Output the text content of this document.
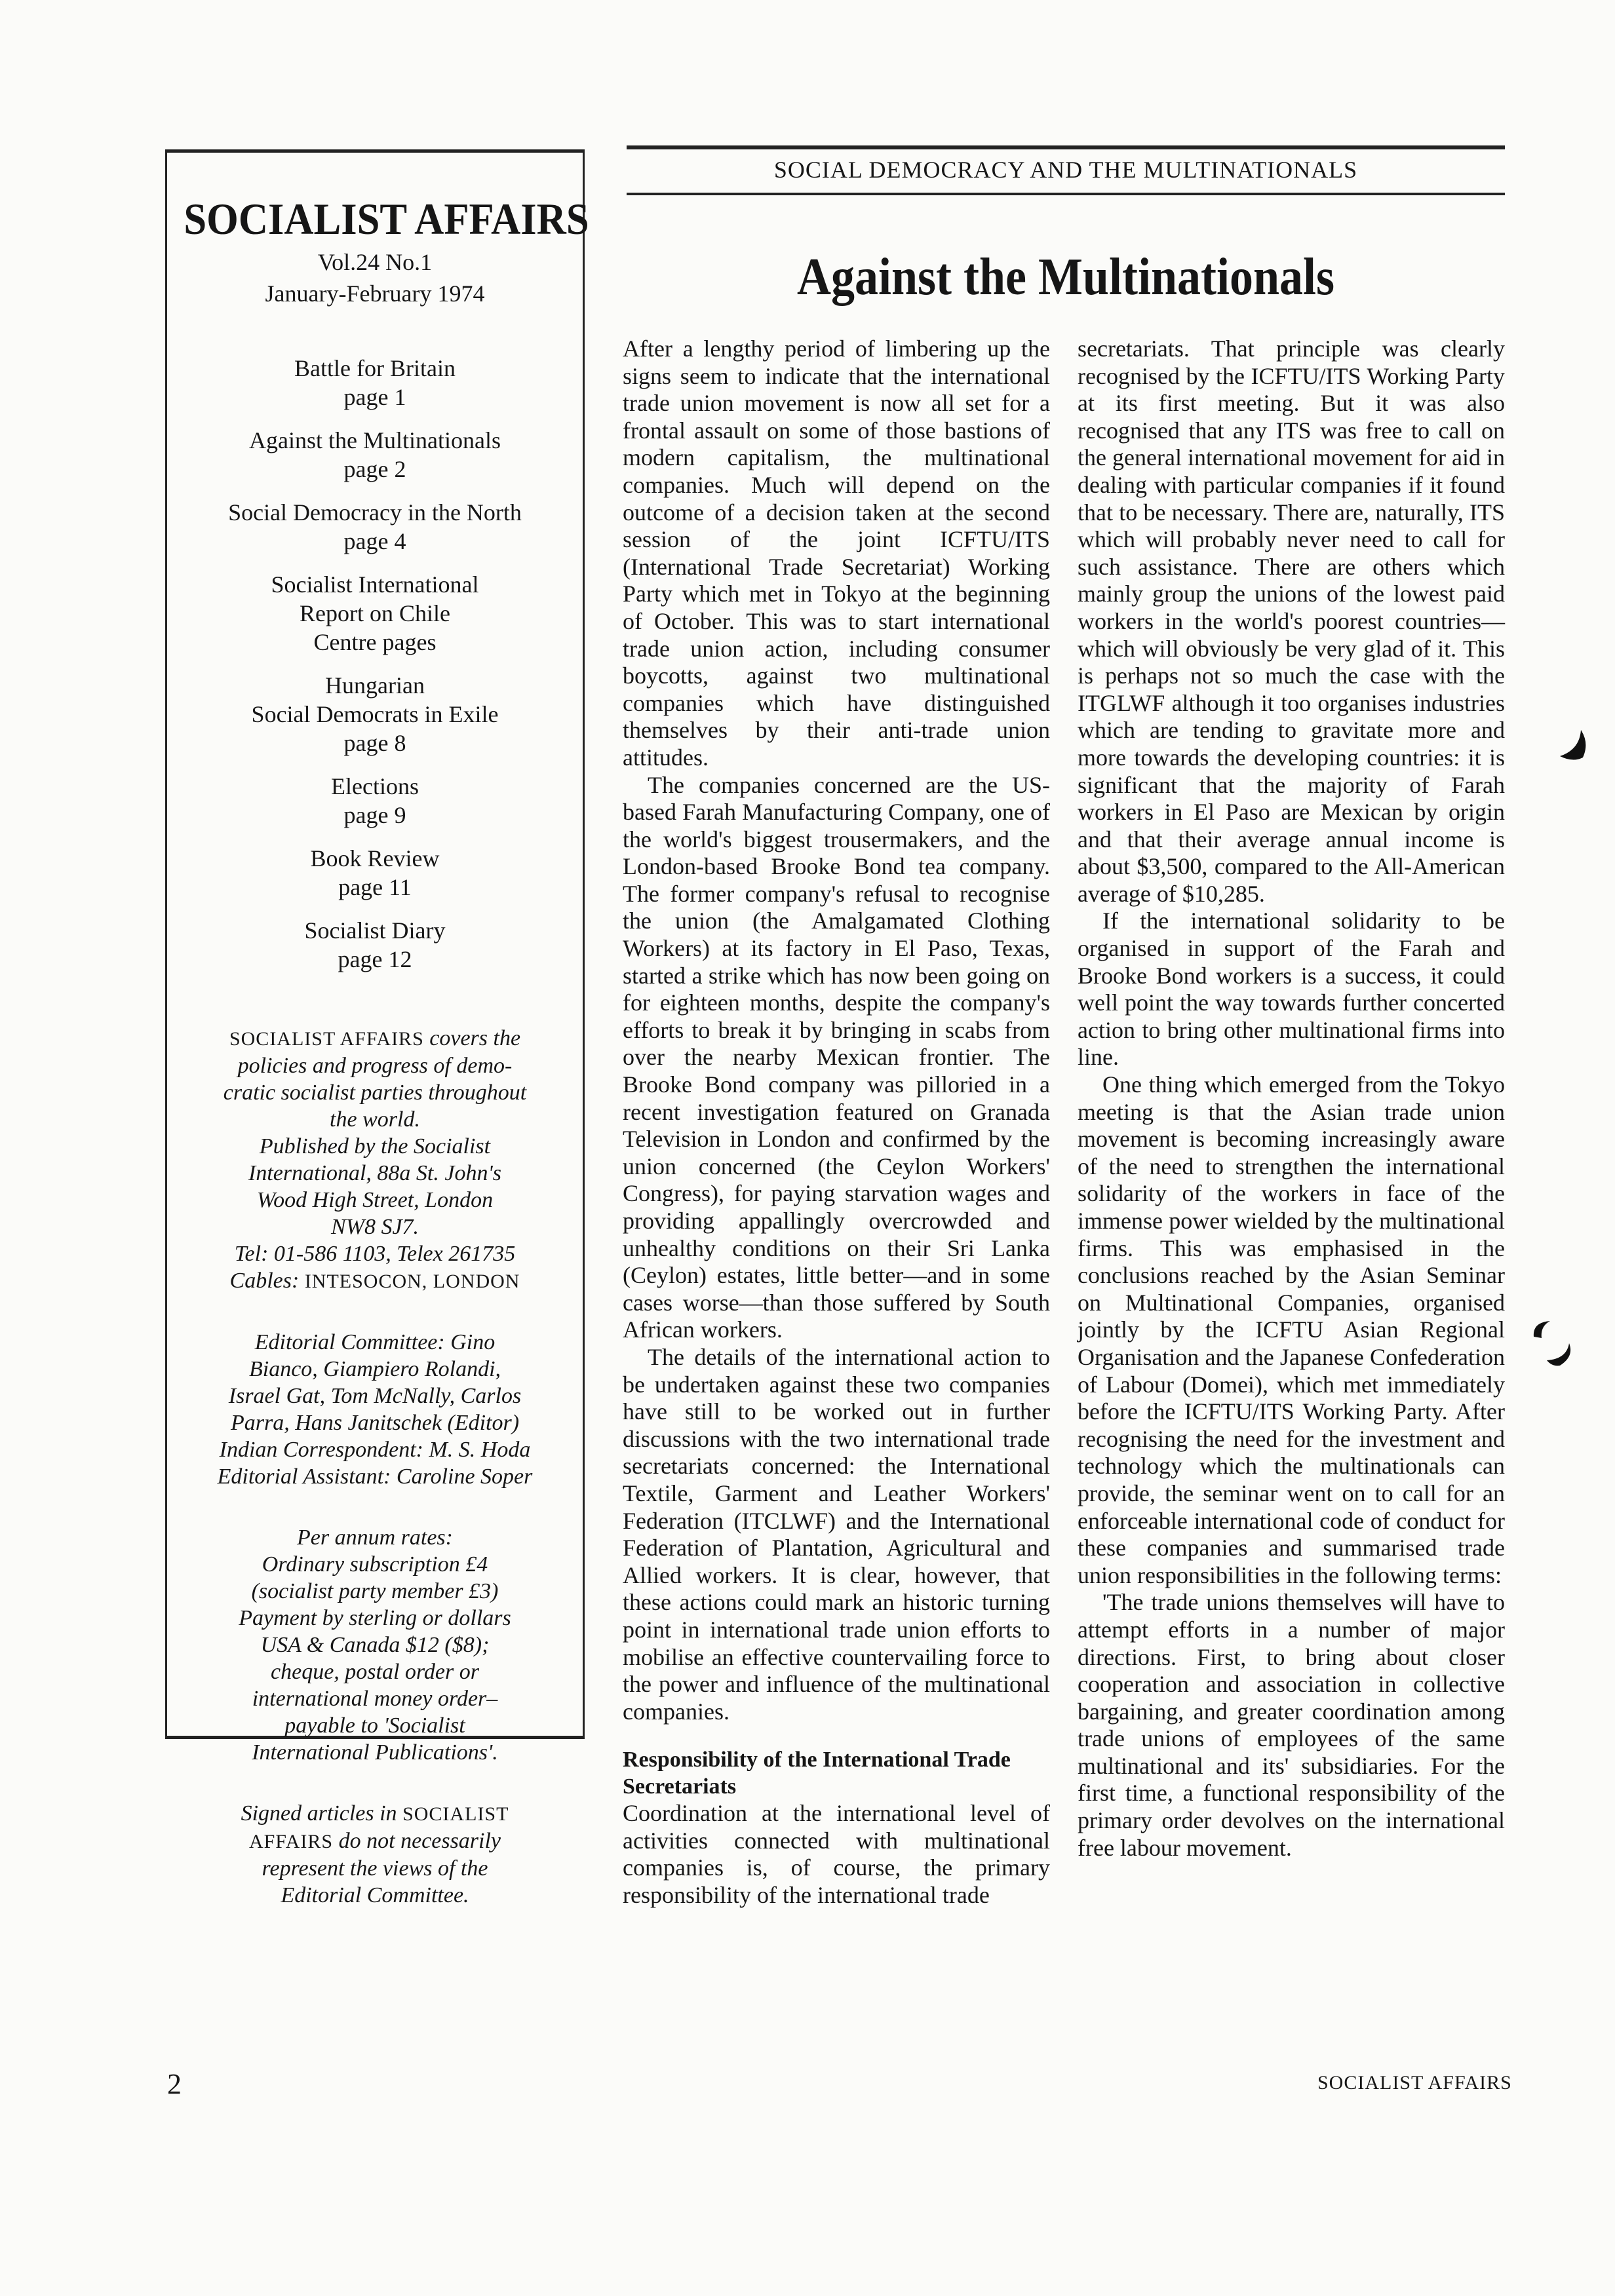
SOCIALIST AFFAIRS
Vol.24 No.1
January-February 1974
Battle for Britain
page 1
Against the Multinationals
page 2
Social Democracy in the North
page 4
Socialist International
Report on Chile
Centre pages
Hungarian
Social Democrats in Exile
page 8
Elections
page 9
Book Review
page 11
Socialist Diary
page 12
SOCIALIST AFFAIRS covers the
policies and progress of demo-
cratic socialist parties throughout
the world.
Published by the Socialist
International, 88a St. John's
Wood High Street, London
NW8 SJ7.
Tel: 01-586 1103, Telex 261735
Cables: INTESOCON, LONDON
Editorial Committee: Gino
Bianco, Giampiero Rolandi,
Israel Gat, Tom McNally, Carlos
Parra, Hans Janitschek (Editor)
Indian Correspondent: M. S. Hoda
Editorial Assistant: Caroline Soper
Per annum rates:
Ordinary subscription £4
(socialist party member £3)
Payment by sterling or dollars
USA & Canada $12 ($8);
cheque, postal order or
international money order–
payable to 'Socialist
International Publications'.
Signed articles in SOCIALIST
AFFAIRS do not necessarily
represent the views of the
Editorial Committee.
SOCIAL DEMOCRACY AND THE MULTINATIONALS
Against the Multinationals

After a lengthy period of limbering up the signs seem to indicate that the international trade union movement is now all set for a frontal assault on some of those bastions of modern capitalism, the multinational companies. Much will depend on the outcome of a decision taken at the second session of the joint ICFTU/ITS (International Trade Secretariat) Working Party which met in Tokyo at the beginning of October. This was to start international trade union action, including consumer boycotts, against two multinational companies which have distinguished themselves by their anti-trade union attitudes.

The companies concerned are the US-based Farah Manufacturing Company, one of the world's biggest trousermakers, and the London-based Brooke Bond tea company. The former company's refusal to recognise the union (the Amalgamated Clothing Workers) at its factory in El Paso, Texas, started a strike which has now been going on for eighteen months, despite the company's efforts to break it by bringing in scabs from over the nearby Mexican frontier. The Brooke Bond company was pilloried in a recent investigation featured on Granada Television in London and confirmed by the union concerned (the Ceylon Workers' Congress), for paying starvation wages and providing appallingly overcrowded and unhealthy conditions on their Sri Lanka (Ceylon) estates, little better—and in some cases worse—than those suffered by South African workers.

The details of the international action to be undertaken against these two companies have still to be worked out in further discussions with the two international trade secretariats concerned: the International Textile, Garment and Leather Workers' Federation (ITCLWF) and the International Federation of Plantation, Agricultural and Allied workers. It is clear, however, that these actions could mark an historic turning point in international trade union efforts to mobilise an effective countervailing force to the power and influence of the multinational companies.

Responsibility of the International Trade Secretariats

Coordination at the international level of activities connected with multinational companies is, of course, the primary responsibility of the international trade

secretariats. That principle was clearly recognised by the ICFTU/ITS Working Party at its first meeting. But it was also recognised that any ITS was free to call on the general international movement for aid in dealing with particular companies if it found that to be necessary. There are, naturally, ITS which will probably never need to call for such assistance. There are others which mainly group the unions of the lowest paid workers in the world's poorest countries—which will obviously be very glad of it. This is perhaps not so much the case with the ITGLWF although it too organises industries which are tending to gravitate more and more towards the developing countries: it is significant that the majority of Farah workers in El Paso are Mexican by origin and that their average annual income is about $3,500, compared to the All-American average of $10,285.

If the international solidarity to be organised in support of the Farah and Brooke Bond workers is a success, it could well point the way towards further concerted action to bring other multinational firms into line.

One thing which emerged from the Tokyo meeting is that the Asian trade union movement is becoming increasingly aware of the need to strengthen the international solidarity of the workers in face of the immense power wielded by the multinational firms. This was emphasised in the conclusions reached by the Asian Seminar on Multinational Companies, organised jointly by the ICFTU Asian Regional Organisation and the Japanese Confederation of Labour (Domei), which met immediately before the ICFTU/ITS Working Party. After recognising the need for the investment and technology which the multinationals can provide, the seminar went on to call for an enforceable international code of conduct for these companies and summarised trade union responsibilities in the following terms:

'The trade unions themselves will have to attempt efforts in a number of major directions. First, to bring about closer cooperation and association in collective bargaining, and greater coordination among trade unions of employees of the same multinational and its' subsidiaries. For the first time, a functional responsibility of the primary order devolves on the international free labour movement.

2	SOCIALIST AFFAIRS
